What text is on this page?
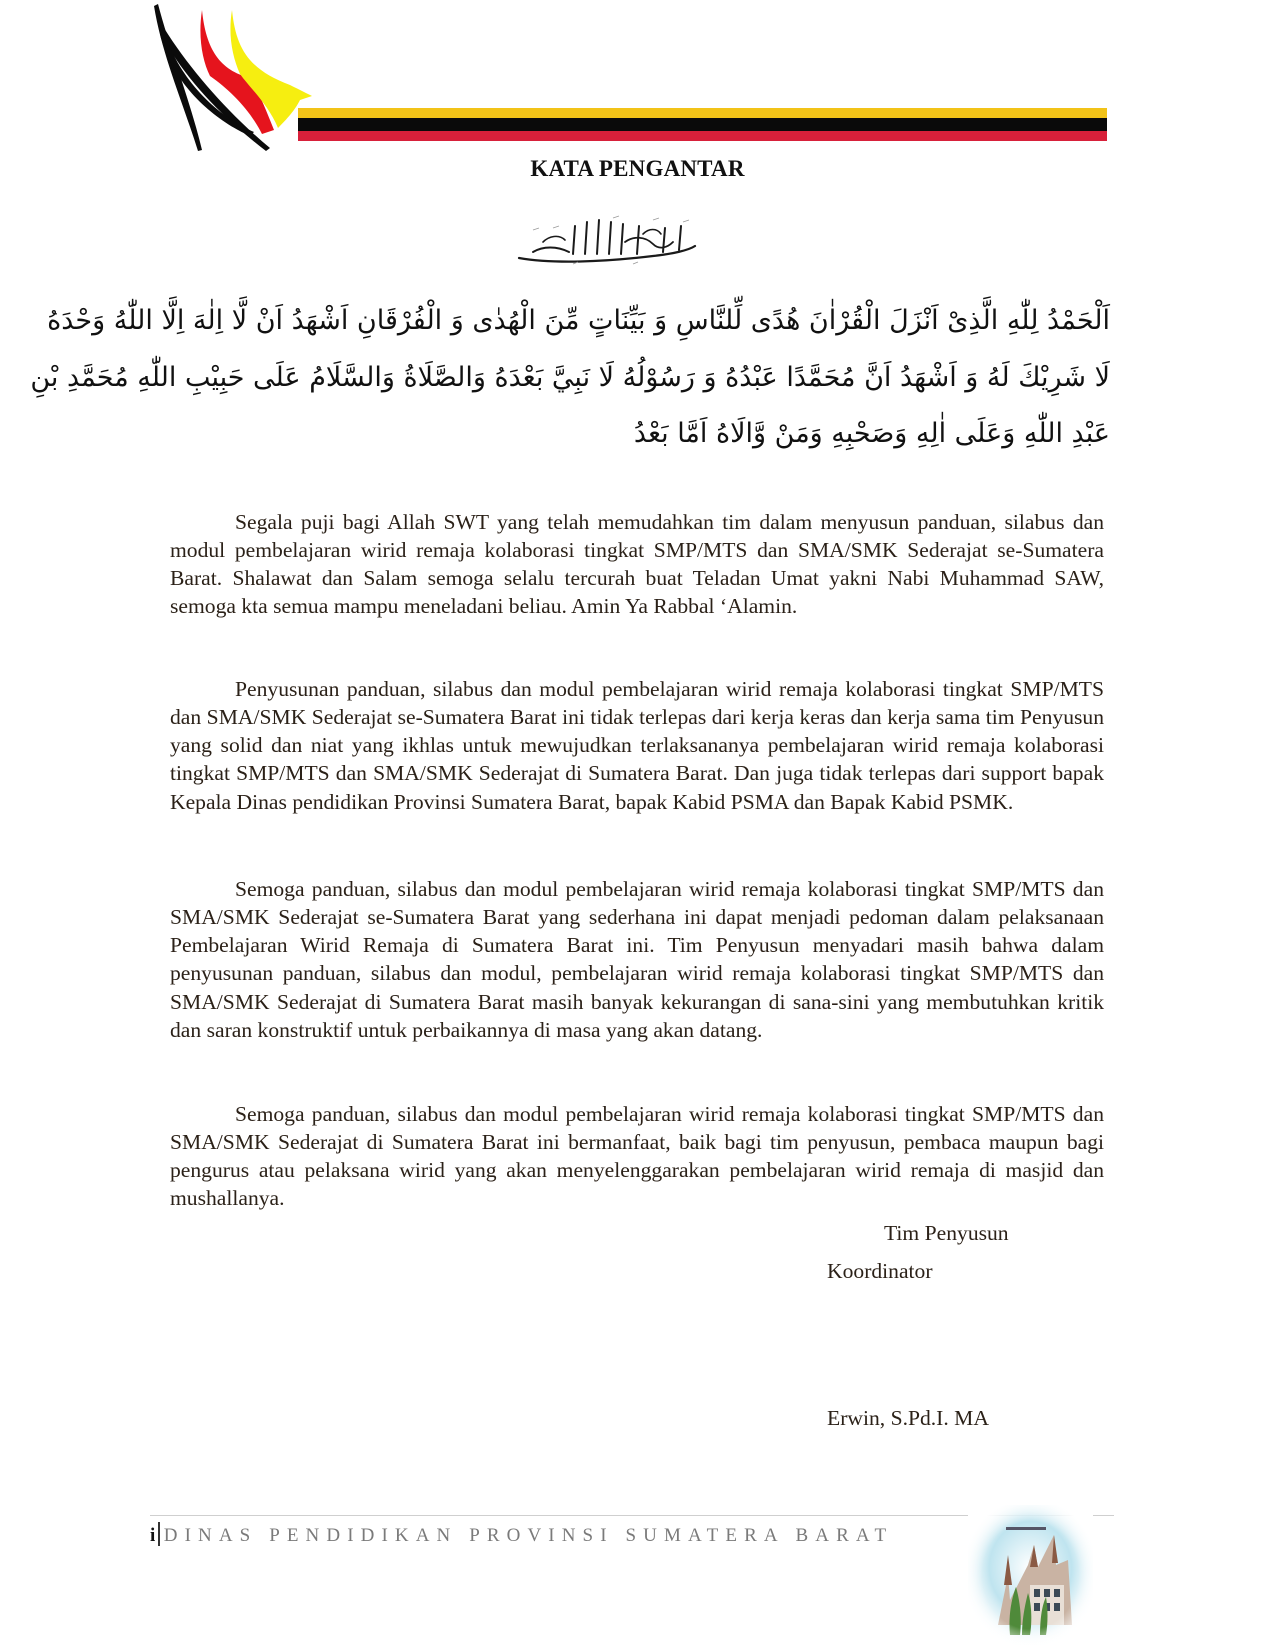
KATA PENGANTAR
اَلْحَمْدُ لِلّٰهِ الَّذِىْ اَنْزَلَ الْقُرْاٰنَ هُدًى لِّلنَّاسِ وَ بَيِّنَاتٍ مِّنَ الْهُدٰى وَ الْفُرْقَانِ اَشْهَدُ اَنْ لَّا اِلٰهَ اِلَّا اللّٰهُ وَحْدَهُ
لَا شَرِيْكَ لَهُ وَ اَشْهَدُ اَنَّ مُحَمَّدًا عَبْدُهُ وَ رَسُوْلُهُ لَا نَبِيَّ بَعْدَهُ وَالصَّلَاةُ وَالسَّلَامُ عَلَى حَبِيْبِ اللّٰهِ مُحَمَّدِ بْنِ
عَبْدِ اللّٰهِ وَعَلَى اٰلِهِ وَصَحْبِهِ وَمَنْ وَّالَاهُ اَمَّا بَعْدُ

Segala puji bagi Allah SWT yang telah memudahkan tim dalam menyusun panduan, silabus dan modul pembelajaran wirid remaja kolaborasi tingkat SMP/MTS dan SMA/SMK Sederajat se-Sumatera Barat. Shalawat dan Salam semoga selalu tercurah buat Teladan Umat yakni Nabi Muhammad SAW, semoga kta semua mampu meneladani beliau. Amin Ya Rabbal ‘Alamin.

Penyusunan panduan, silabus dan modul pembelajaran wirid remaja kolaborasi tingkat SMP/MTS dan SMA/SMK Sederajat se-Sumatera Barat ini tidak terlepas dari kerja keras dan kerja sama tim Penyusun yang solid dan niat yang ikhlas untuk mewujudkan terlaksananya pembelajaran wirid remaja kolaborasi tingkat SMP/MTS dan SMA/SMK Sederajat di Sumatera Barat. Dan juga tidak terlepas dari support bapak Kepala Dinas pendidikan Provinsi Sumatera Barat, bapak Kabid PSMA dan Bapak Kabid PSMK.

Semoga panduan, silabus dan modul pembelajaran wirid remaja kolaborasi tingkat SMP/MTS dan SMA/SMK Sederajat se-Sumatera Barat yang sederhana ini dapat menjadi pedoman dalam pelaksanaan Pembelajaran Wirid Remaja di Sumatera Barat ini. Tim Penyusun menyadari masih bahwa dalam penyusunan panduan, silabus dan modul, pembelajaran wirid remaja kolaborasi tingkat SMP/MTS dan SMA/SMK Sederajat di Sumatera Barat masih banyak kekurangan di sana-sini yang membutuhkan kritik dan saran konstruktif untuk perbaikannya di masa yang akan datang.

Semoga panduan, silabus dan modul pembelajaran wirid remaja kolaborasi tingkat SMP/MTS dan SMA/SMK Sederajat di Sumatera Barat ini bermanfaat, baik bagi tim penyusun, pembaca maupun bagi pengurus atau pelaksana wirid yang akan menyelenggarakan pembelajaran wirid remaja di masjid dan mushallanya.

Tim Penyusun
Koordinator
Erwin, S.Pd.I. MA
i DINAS PENDIDIKAN PROVINSI SUMATERA BARAT
